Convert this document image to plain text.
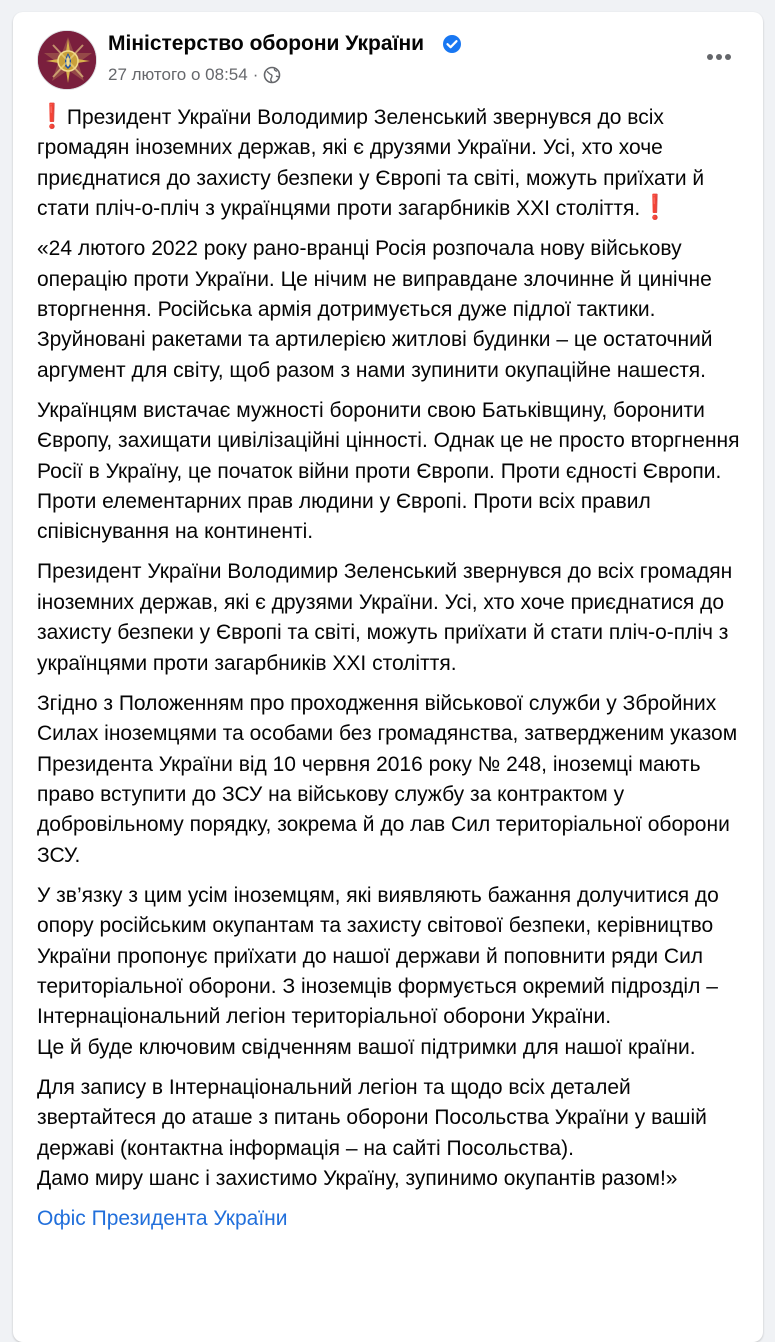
Міністерство оборони України
27 лютого о 08:54 ·
❗Президент України Володимир Зеленський звернувся до всіх громадян іноземних держав, які є друзями України. Усі, хто хоче приєднатися до захисту безпеки у Європі та світі, можуть приїхати й стати пліч-о-пліч з українцями проти загарбників XXI століття.❗
«24 лютого 2022 року рано-вранці Росія розпочала нову військову операцію проти України. Це нічим не виправдане злочинне й цинічне вторгнення. Російська армія дотримується дуже підлої тактики. Зруйновані ракетами та артилерією житлові будинки – це остаточний аргумент для світу, щоб разом з нами зупинити окупаційне нашестя.
Українцям вистачає мужності боронити свою Батьківщину, боронити Європу, захищати цивілізаційні цінності. Однак це не просто вторгнення Росії в Україну, це початок війни проти Європи. Проти єдності Європи. Проти елементарних прав людини у Європі. Проти всіх правил співіснування на континенті.
Президент України Володимир Зеленський звернувся до всіх громадян іноземних держав, які є друзями України. Усі, хто хоче приєднатися до захисту безпеки у Європі та світі, можуть приїхати й стати пліч-о-пліч з українцями проти загарбників XXI століття.
Згідно з Положенням про проходження військової служби у Збройних Силах іноземцями та особами без громадянства, затвердженим указом Президента України від 10 червня 2016 року № 248, іноземці мають право вступити до ЗСУ на військову службу за контрактом у добровільному порядку, зокрема й до лав Сил територіальної оборони ЗСУ.
У зв’язку з цим усім іноземцям, які виявляють бажання долучитися до опору російським окупантам та захисту світової безпеки, керівництво України пропонує приїхати до нашої держави й поповнити ряди Сил територіальної оборони. З іноземців формується окремий підрозділ – Інтернаціональний легіон територіальної оборони України.
Це й буде ключовим свідченням вашої підтримки для нашої країни.
Для запису в Інтернаціональний легіон та щодо всіх деталей звертайтеся до аташе з питань оборони Посольства України у вашій державі (контактна інформація – на сайті Посольства).
Дамо миру шанс і захистимо Україну, зупинимо окупантів разом!»
Офіс Президента України
